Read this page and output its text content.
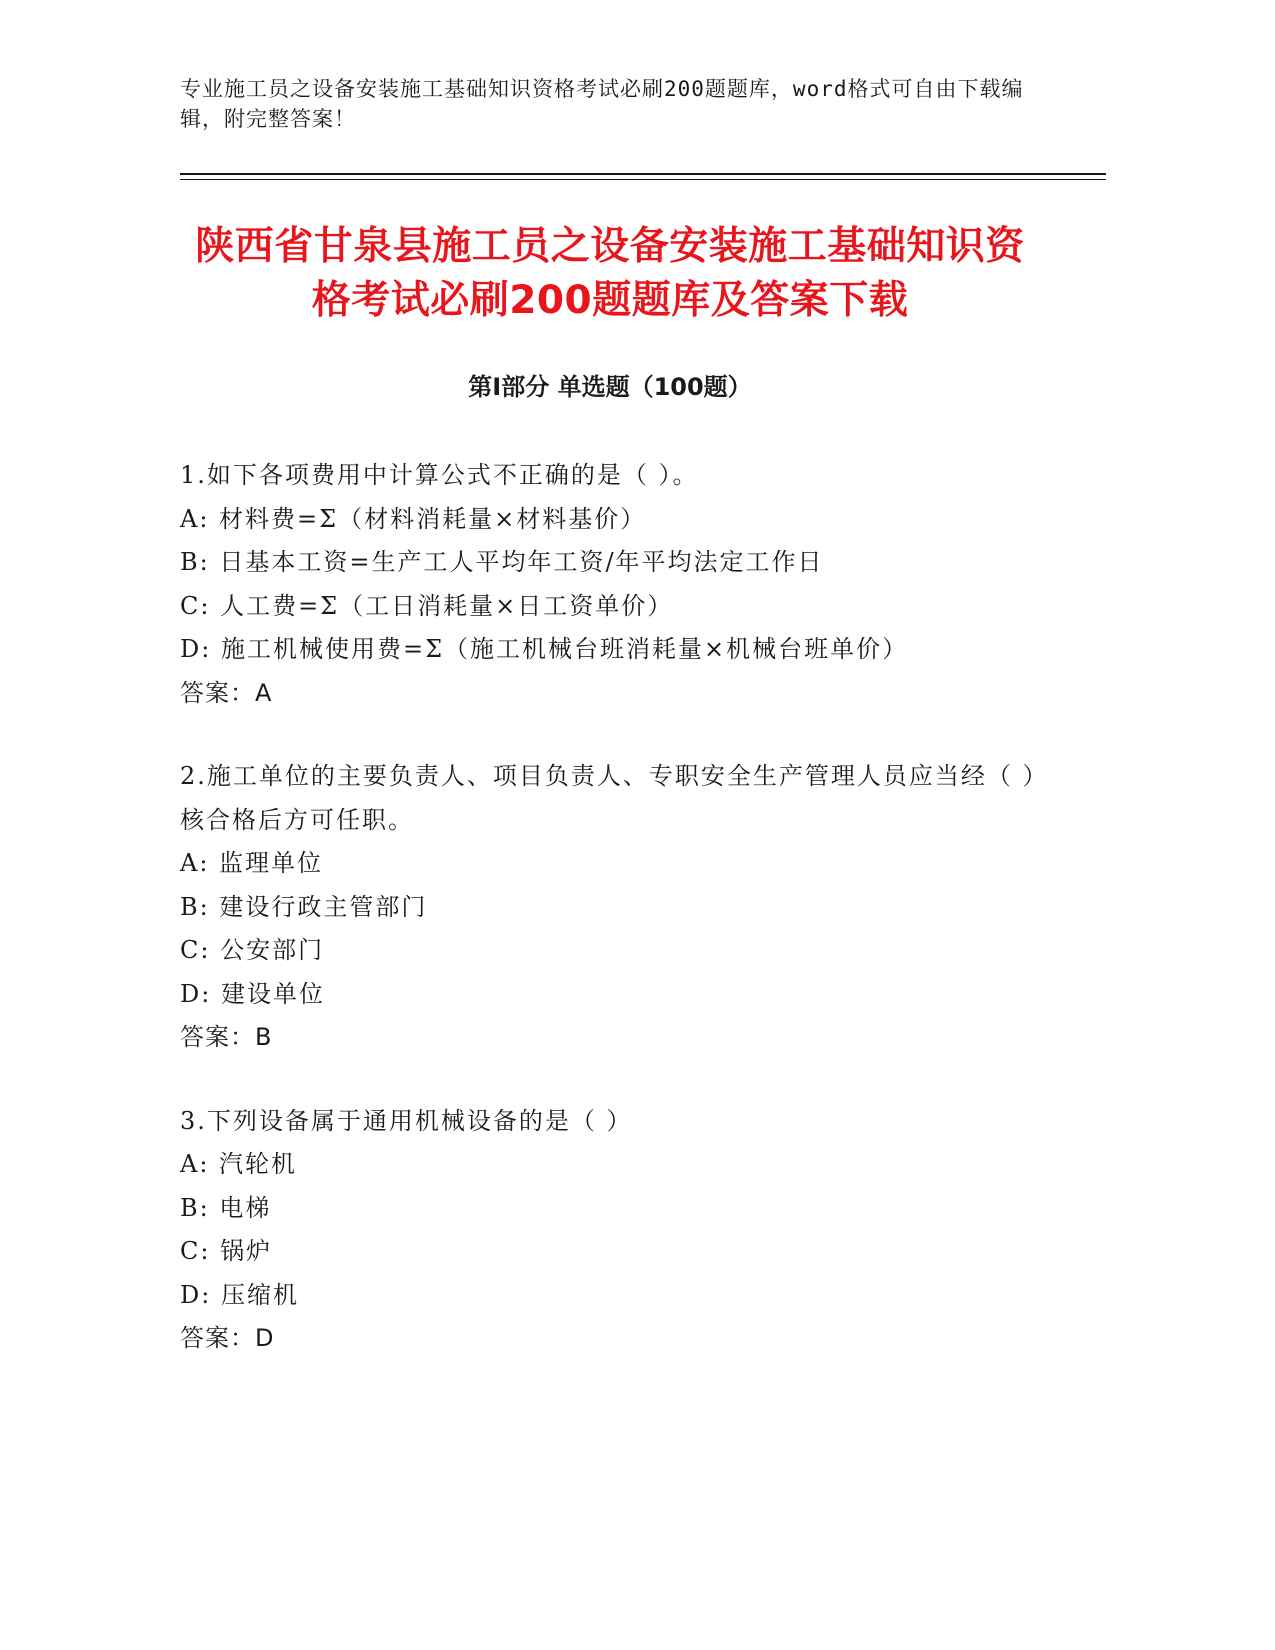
专业施工员之设备安装施工基础知识资格考试必刷200题题库，word格式可自由下载编辑，附完整答案！
陕西省甘泉县施工员之设备安装施工基础知识资格考试必刷200题题库及答案下载
第Ⅰ部分 单选题（100题）
1.如下各项费用中计算公式不正确的是（ ）。
A: 材料费=Σ（材料消耗量×材料基价）
B: 日基本工资=生产工人平均年工资/年平均法定工作日
C: 人工费=Σ（工日消耗量×日工资单价）
D: 施工机械使用费=Σ（施工机械台班消耗量×机械台班单价）
答案：A
2.施工单位的主要负责人、项目负责人、专职安全生产管理人员应当经（ ）核合格后方可任职。
A: 监理单位
B: 建设行政主管部门
C: 公安部门
D: 建设单位
答案：B
3.下列设备属于通用机械设备的是（ ）
A: 汽轮机
B: 电梯
C: 锅炉
D: 压缩机
答案：D
